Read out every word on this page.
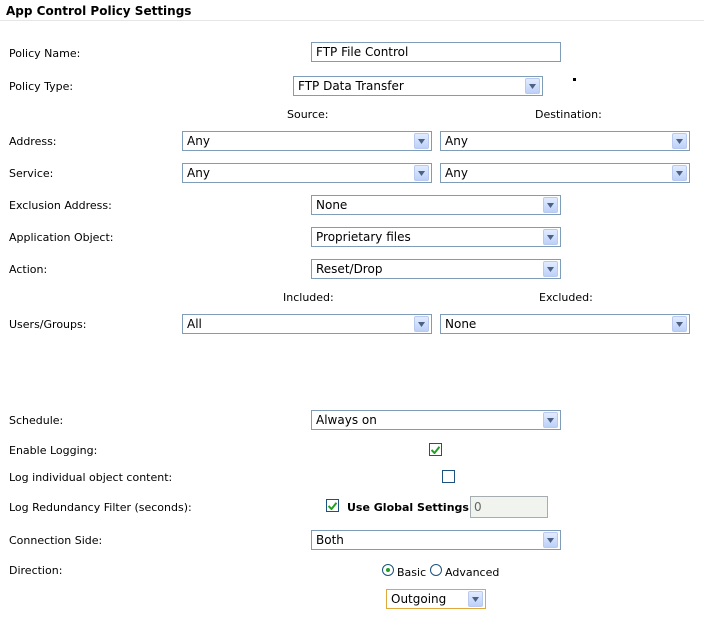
App Control Policy Settings
Policy Name:	FTP File Control
Policy Type:	FTP Data Transfer
Source:	Destination:
Address:	Any	Any
Service:	Any	Any
Exclusion Address:	None
Application Object:	Proprietary files
Action:	Reset/Drop
Included:	Excluded:
Users/Groups:	All	None
Schedule:	Always on
Enable Logging:
Log individual object content:
Log Redundancy Filter (seconds):	Use Global Settings 0
Connection Side:	Both
Direction:	Basic Advanced
Outgoing
